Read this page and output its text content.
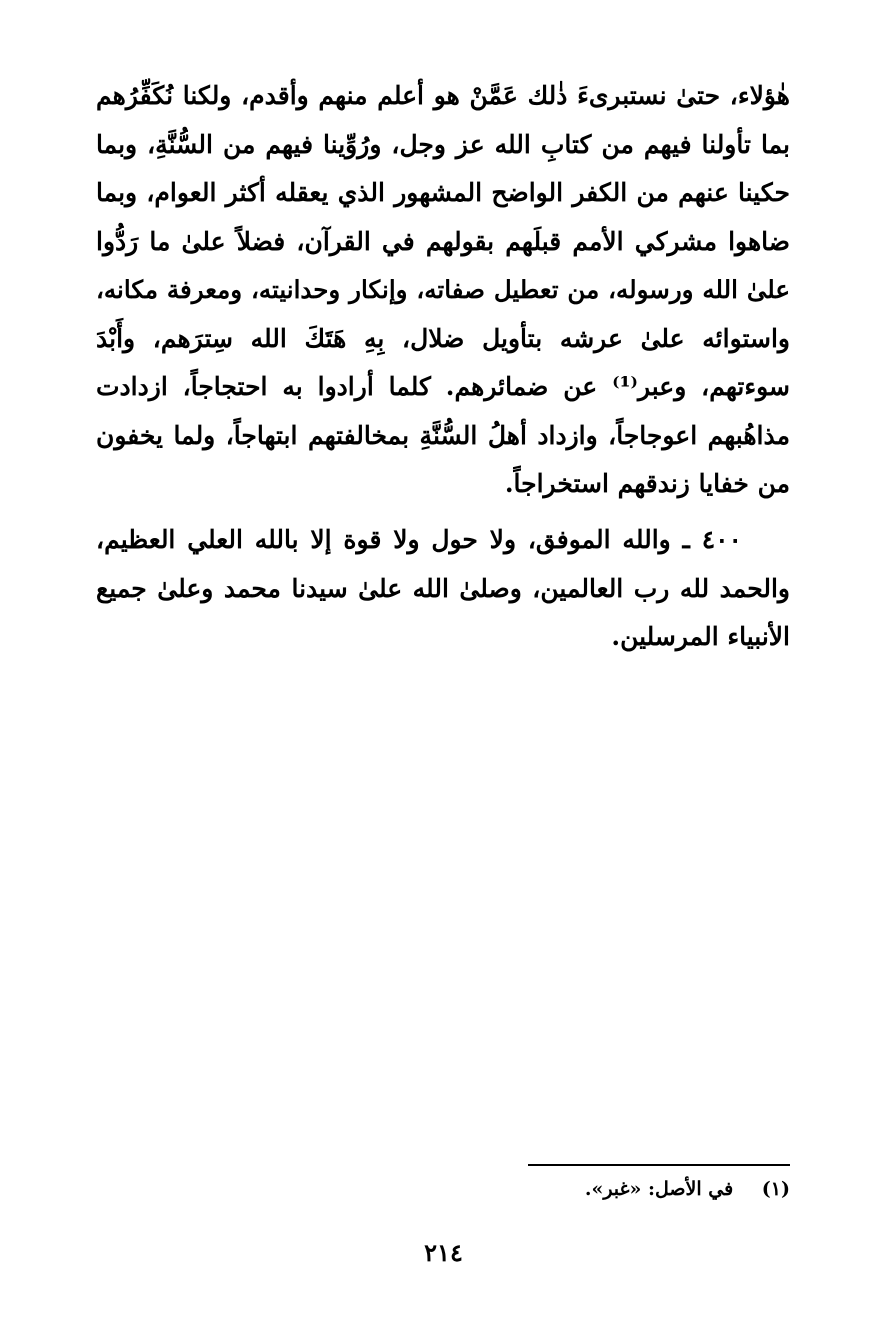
هٰؤلاء، حتىٰ نستبرىءَ ذٰلك عَمَّنْ هو أعلم منهم وأقدم، ولكنا نُكَفِّرُهم
بما تأولنا فيهم من كتابِ الله عز وجل، ورُوِّينا فيهم من السُّنَّةِ، وبما
حكينا عنهم من الكفر الواضح المشهور الذي يعقله أكثر العوام، وبما
ضاهوا مشركي الأمم قبلَهم بقولهم في القرآن، فضلاً علىٰ ما رَدُّوا
علىٰ الله ورسوله، من تعطيل صفاته، وإنكار وحدانيته، ومعرفة مكانه،
واستوائه علىٰ عرشه بتأويل ضلال، بِهِ هَتَكَ الله سِترَهم، وأَبْدَ
سوءتهم، وعبر⁽¹⁾ عن ضمائرهم. كلما أرادوا به احتجاجاً، ازدادت
مذاهُبهم اعوجاجاً، وازداد أهلُ السُّنَّةِ بمخالفتهم ابتهاجاً، ولما يخفون
من خفايا زندقهم استخراجاً.
٤٠٠ ـ والله الموفق، ولا حول ولا قوة إلا بالله العلي العظيم،
والحمد لله رب العالمين، وصلىٰ الله علىٰ سيدنا محمد وعلىٰ جميع
الأنبياء المرسلين.
(١) في الأصل: «غبر».
٢١٤
